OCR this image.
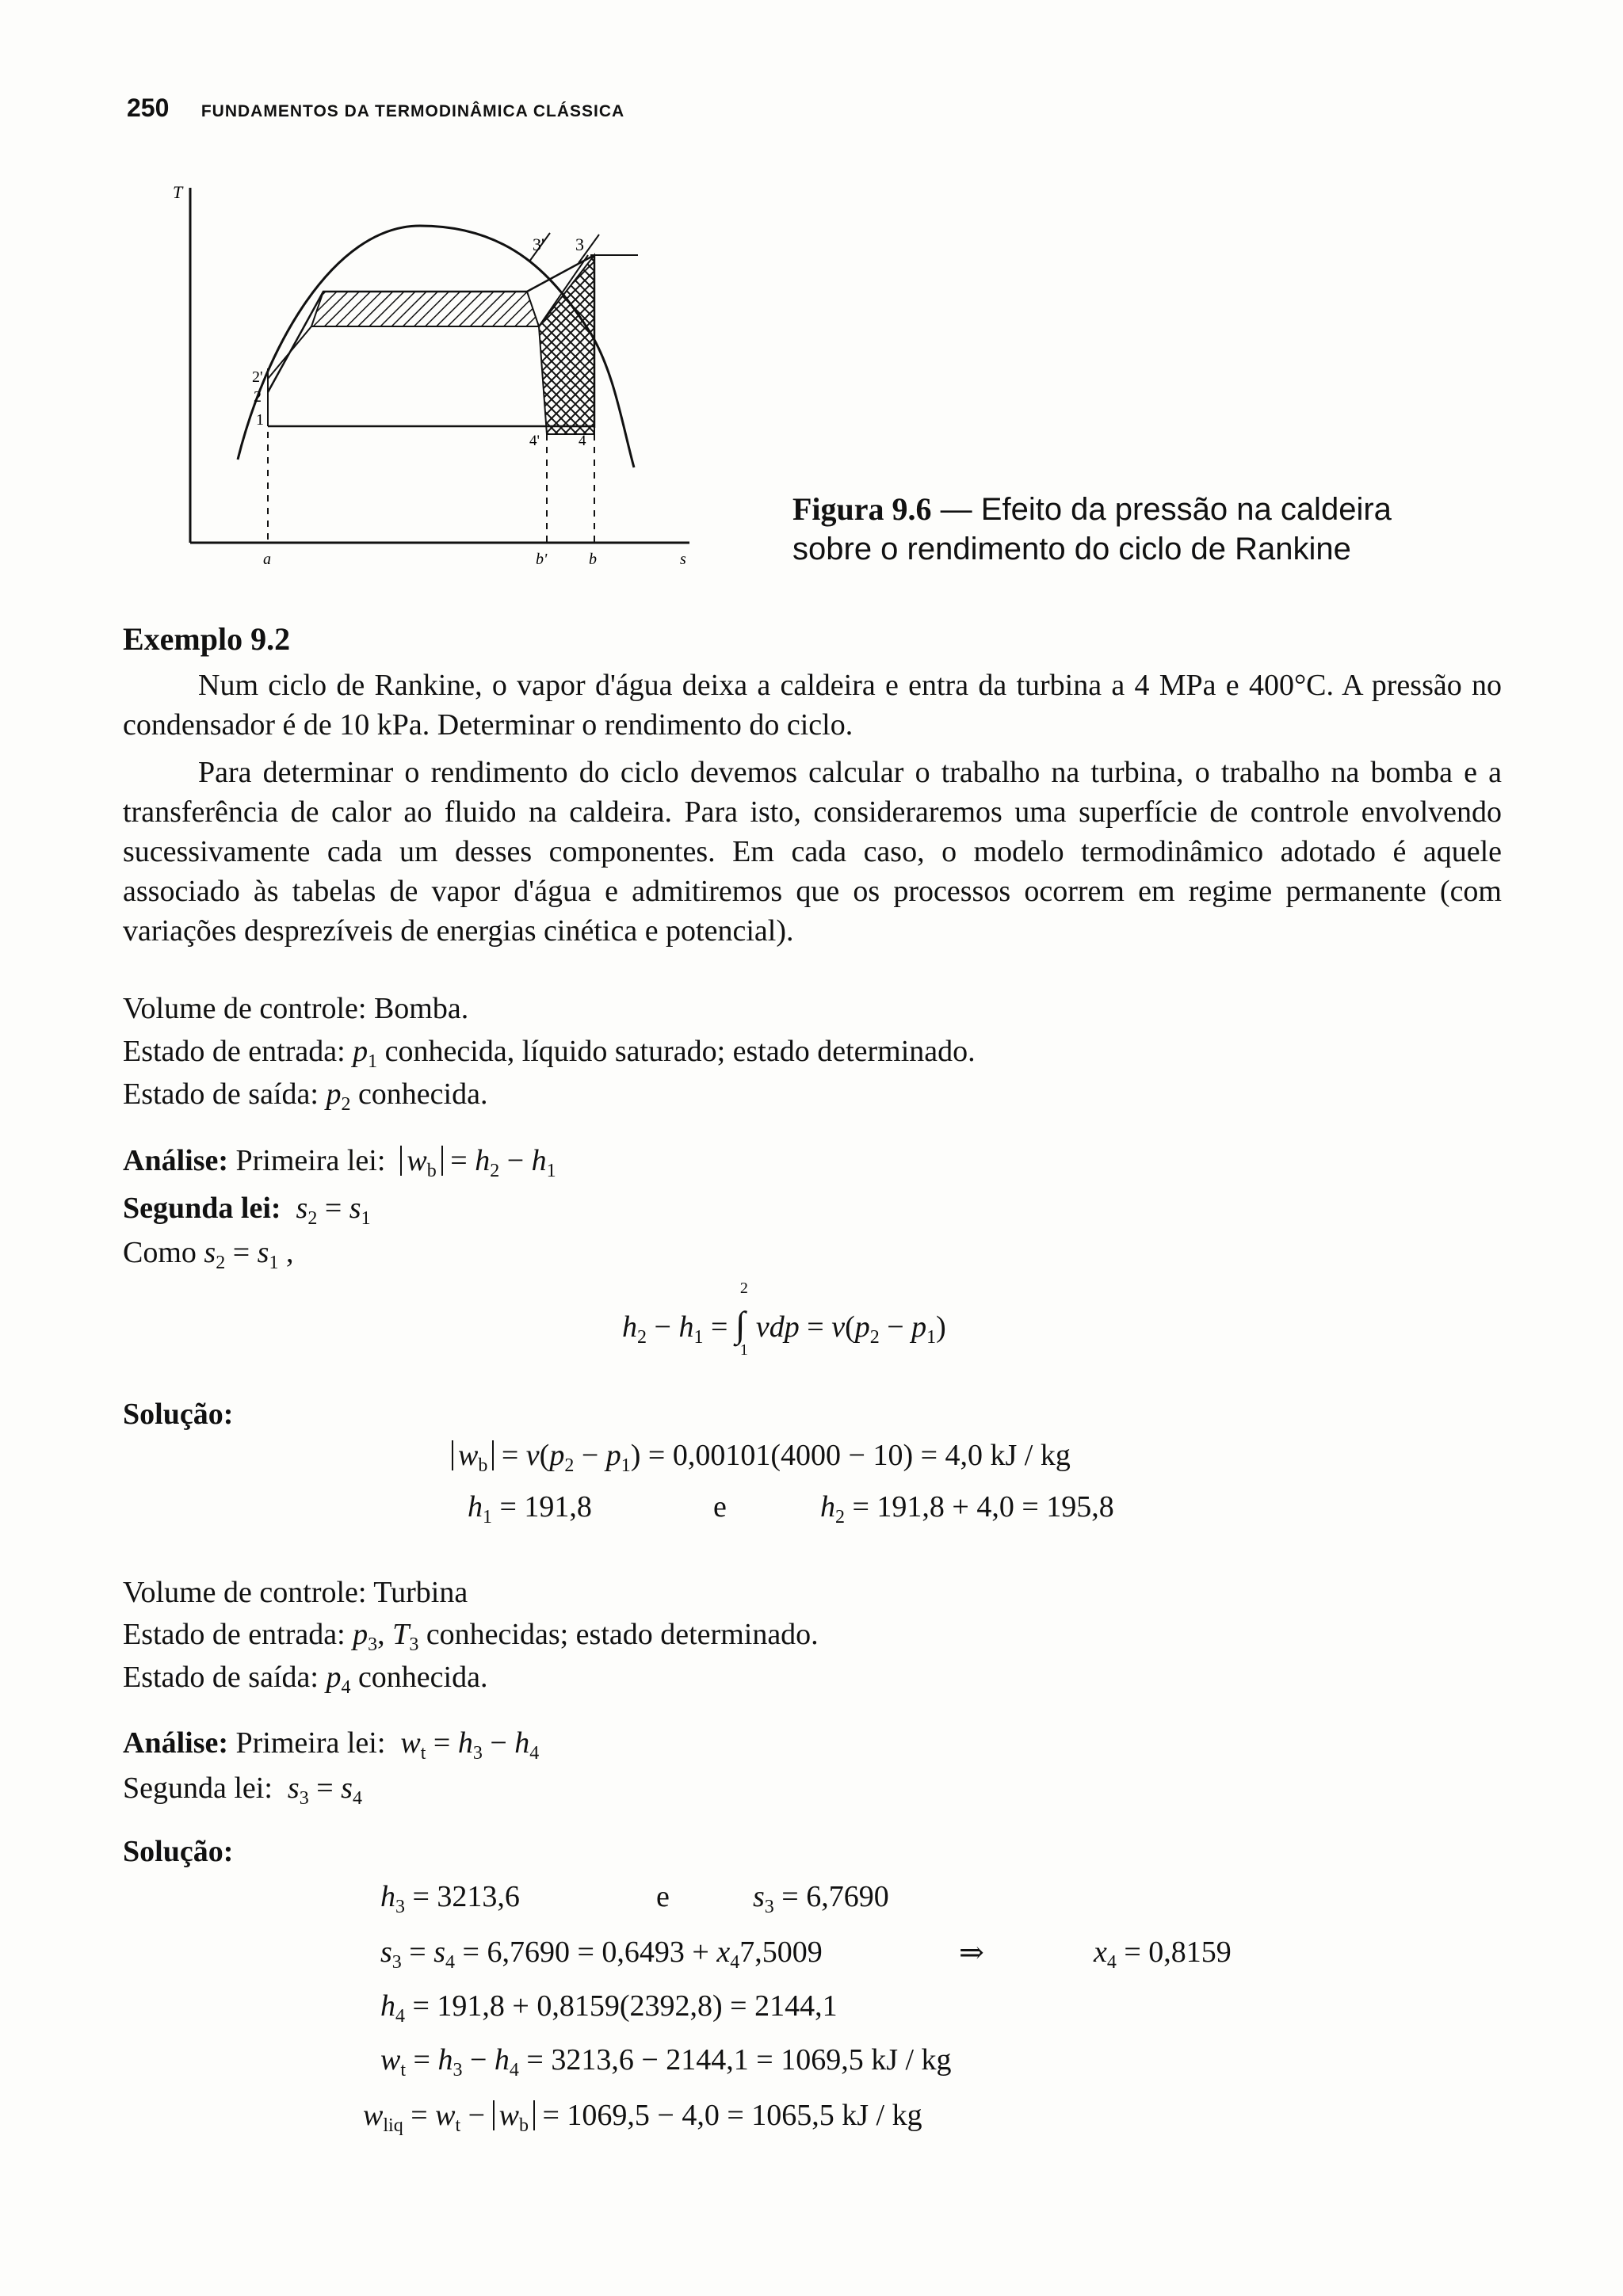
250 FUNDAMENTOS DA TERMODINÂMICA CLÁSSICA
T
s
3' 3
2'
2
1
4'	4
a	b'	b
Figura 9.6 — Efeito da pressão na caldeira sobre o rendimento do ciclo de Rankine
Exemplo 9.2
Num ciclo de Rankine, o vapor d'água deixa a caldeira e entra da turbina a 4 MPa e 400°C. A pressão no condensador é de 10 kPa. Determinar o rendimento do ciclo.
Para determinar o rendimento do ciclo devemos calcular o trabalho na turbina, o trabalho na bomba e a transferência de calor ao fluido na caldeira. Para isto, consideraremos uma superfície de controle envolvendo sucessivamente cada um desses componentes. Em cada caso, o modelo termodinâmico adotado é aquele associado às tabelas de vapor d'água e admitiremos que os processos ocorrem em regime permanente (com variações desprezíveis de energias cinética e potencial).
Volume de controle: Bomba.
Estado de entrada: $p_1$ conhecida, líquido saturado; estado determinado.
Estado de saída: $p_2$ conhecida.
Análise: Primeira lei: $w_b = h_2 - h_1$
Segunda lei: $s_2 = s_1$
Como $s_2 = s_1$ ,
$h_2 - h_1$ =
2
∫
1
vdp = $v(p_2 - p_1)$
Solução:
$w_b = v(p_2 - p_1) = 0,00101(4000 - 10) = 4,0$ kJ / kg
$h_1 = 191,8$	e	$h_2 = 191,8 + 4,0 = 195,8$
Volume de controle: Turbina
Estado de entrada: $p_3$, $T_3$ conhecidas; estado determinado.
Estado de saída: $p_4$ conhecida.
Análise: Primeira lei: $w_t = h_3 - h_4$
Segunda lei: $s_3 = s_4$
Solução:
$h_3 = 3213,6$	e	$s_3 = 6,7690$
$s_3 = s_4 = 6,7690 = 0,6493 + x_47,5009$	⇒	$x_4 = 0,8159$
$h_4 = 191,8 + 0,8159(2392,8) = 2144,1$
$w_t = h_3 - h_4 = 3213,6 - 2144,1 = 1069,5$ kJ / kg
$w_{liq} = w_t - w_b = 1069,5 - 4,0 = 1065,5$ kJ / kg
